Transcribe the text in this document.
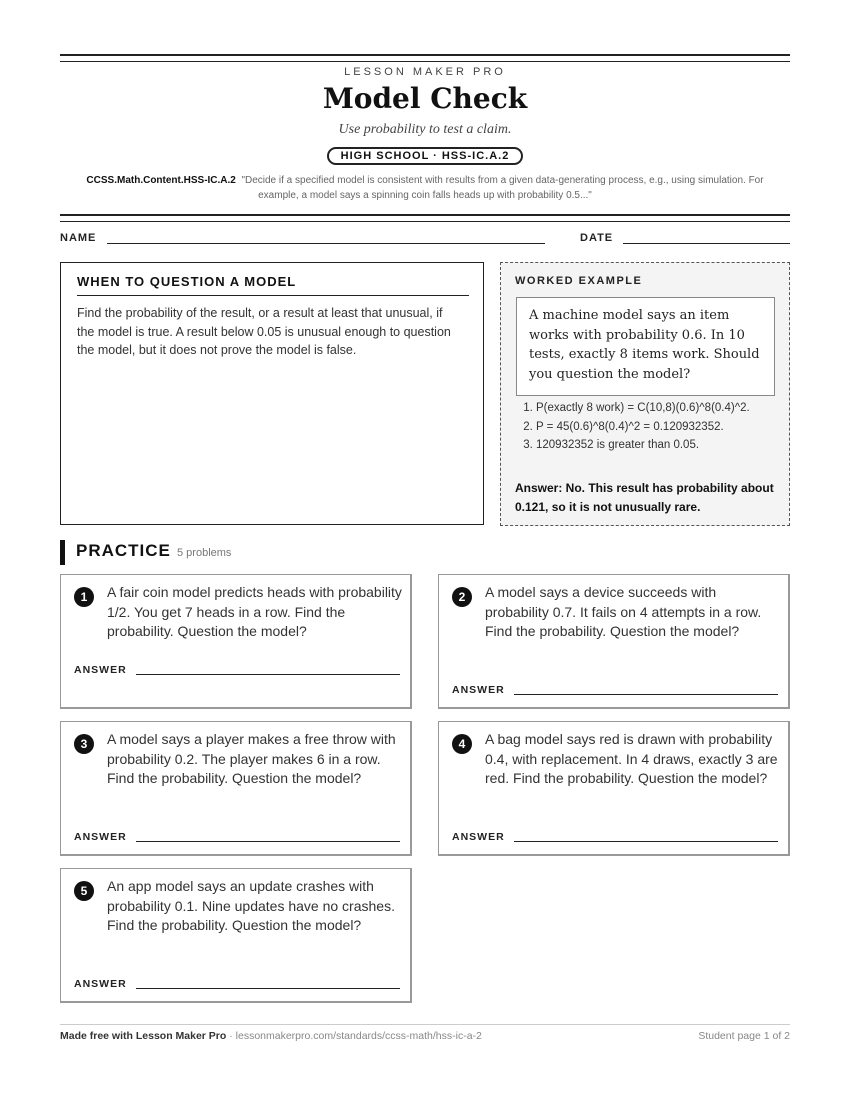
LESSON MAKER PRO
Model Check
Use probability to test a claim.
HIGH SCHOOL · HSS-IC.A.2
CCSS.Math.Content.HSS-IC.A.2 "Decide if a specified model is consistent with results from a given data-generating process, e.g., using simulation. For example, a model says a spinning coin falls heads up with probability 0.5..."
NAME	DATE
WHEN TO QUESTION A MODEL
Find the probability of the result, or a result at least that unusual, if the model is true. A result below 0.05 is unusual enough to question the model, but it does not prove the model is false.
WORKED EXAMPLE
A machine model says an item works with probability 0.6. In 10 tests, exactly 8 items work. Should you question the model?
1. P(exactly 8 work) = C(10,8)(0.6)^8(0.4)^2.
2. P = 45(0.6)^8(0.4)^2 = 0.120932352.
3. 120932352 is greater than 0.05.
Answer: No. This result has probability about 0.121, so it is not unusually rare.
PRACTICE 5 problems
1	A fair coin model predicts heads with probability 1/2. You get 7 heads in a row. Find the probability. Question the model?
ANSWER
2	A model says a device succeeds with probability 0.7. It fails on 4 attempts in a row. Find the probability. Question the model?
ANSWER
3	A model says a player makes a free throw with probability 0.2. The player makes 6 in a row. Find the probability. Question the model?
ANSWER
4	A bag model says red is drawn with probability 0.4, with replacement. In 4 draws, exactly 3 are red. Find the probability. Question the model?
ANSWER
5	An app model says an update crashes with probability 0.1. Nine updates have no crashes. Find the probability. Question the model?
ANSWER
Made free with Lesson Maker Pro · lessonmakerpro.com/standards/ccss-math/hss-ic-a-2	Student page 1 of 2
